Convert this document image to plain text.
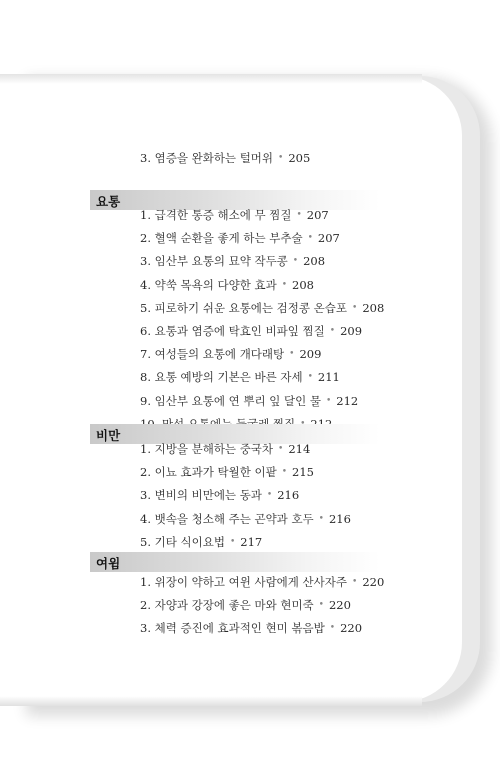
3. 염증을 완화하는 털머위 • 205
요통
1. 급격한 통증 해소에 무 찜질 • 207
2. 혈액 순환을 좋게 하는 부추술 • 207
3. 임산부 요통의 묘약 작두콩 • 208
4. 약쑥 목욕의 다양한 효과 • 208
5. 피로하기 쉬운 요통에는 검정콩 온습포 • 208
6. 요통과 염증에 탁효인 비파잎 찜질 • 209
7. 여성들의 요통에 개다래탕 • 209
8. 요통 예방의 기본은 바른 자세 • 211
9. 임산부 요통에 연 뿌리 잎 달인 물 • 212
비만
1. 지방을 분해하는 중국차 • 214
2. 이뇨 효과가 탁월한 이팥 • 215
3. 변비의 비만에는 동과 • 216
4. 뱃속을 청소해 주는 곤약과 호두 • 216
5. 기타 식이요법 • 217
여윔
1. 위장이 약하고 여윈 사람에게 산사자주 • 220
2. 자양과 강장에 좋은 마와 현미죽 • 220
3. 체력 증진에 효과적인 현미 볶음밥 • 220
